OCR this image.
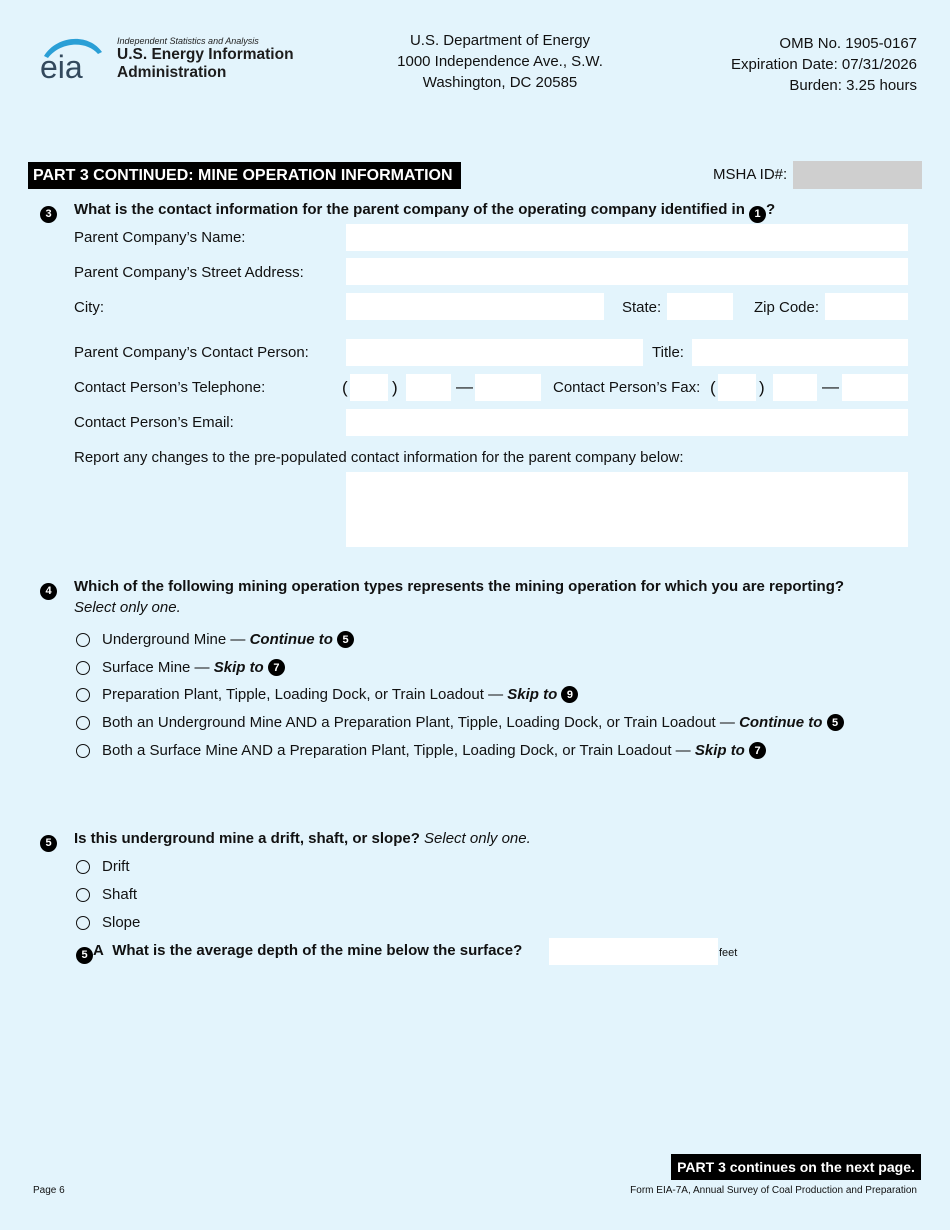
eia
Independent Statistics and Analysis
U.S. Energy Information
Administration
U.S. Department of Energy
1000 Independence Ave., S.W.
Washington, DC 20585
OMB No. 1905-0167
Expiration Date: 07/31/2026
Burden: 3.25 hours
PART 3 CONTINUED: MINE OPERATION INFORMATION	MSHA ID#:
3	What is the contact information for the parent company of the operating company identified in 1 ?
Parent Company’s Name:
Parent Company’s Street Address:
City:	State:	Zip Code:
Parent Company’s Contact Person:	Title:
Contact Person’s Telephone:	(	)	—	Contact Person’s Fax: (	)	—
Contact Person’s Email:
Report any changes to the pre-populated contact information for the parent company below:
4	Which of the following mining operation types represents the mining operation for which you are reporting?
Select only one.
Underground Mine —
Continue to
5
Surface Mine —
Skip to
7
Preparation Plant, Tipple, Loading Dock, or Train Loadout —
Skip to
9
Both an Underground Mine AND a Preparation Plant, Tipple, Loading Dock, or Train Loadout —
Continue to
5
Both a Surface Mine AND a Preparation Plant, Tipple, Loading Dock, or Train Loadout —
Skip to
7
5	Is this underground mine a drift, shaft, or slope? Select only one.
Drift
Shaft
Slope
5 A What is the average depth of the mine below the surface?	feet
PART 3 continues on the next page.
Page 6	Form EIA-7A, Annual Survey of Coal Production and Preparation
